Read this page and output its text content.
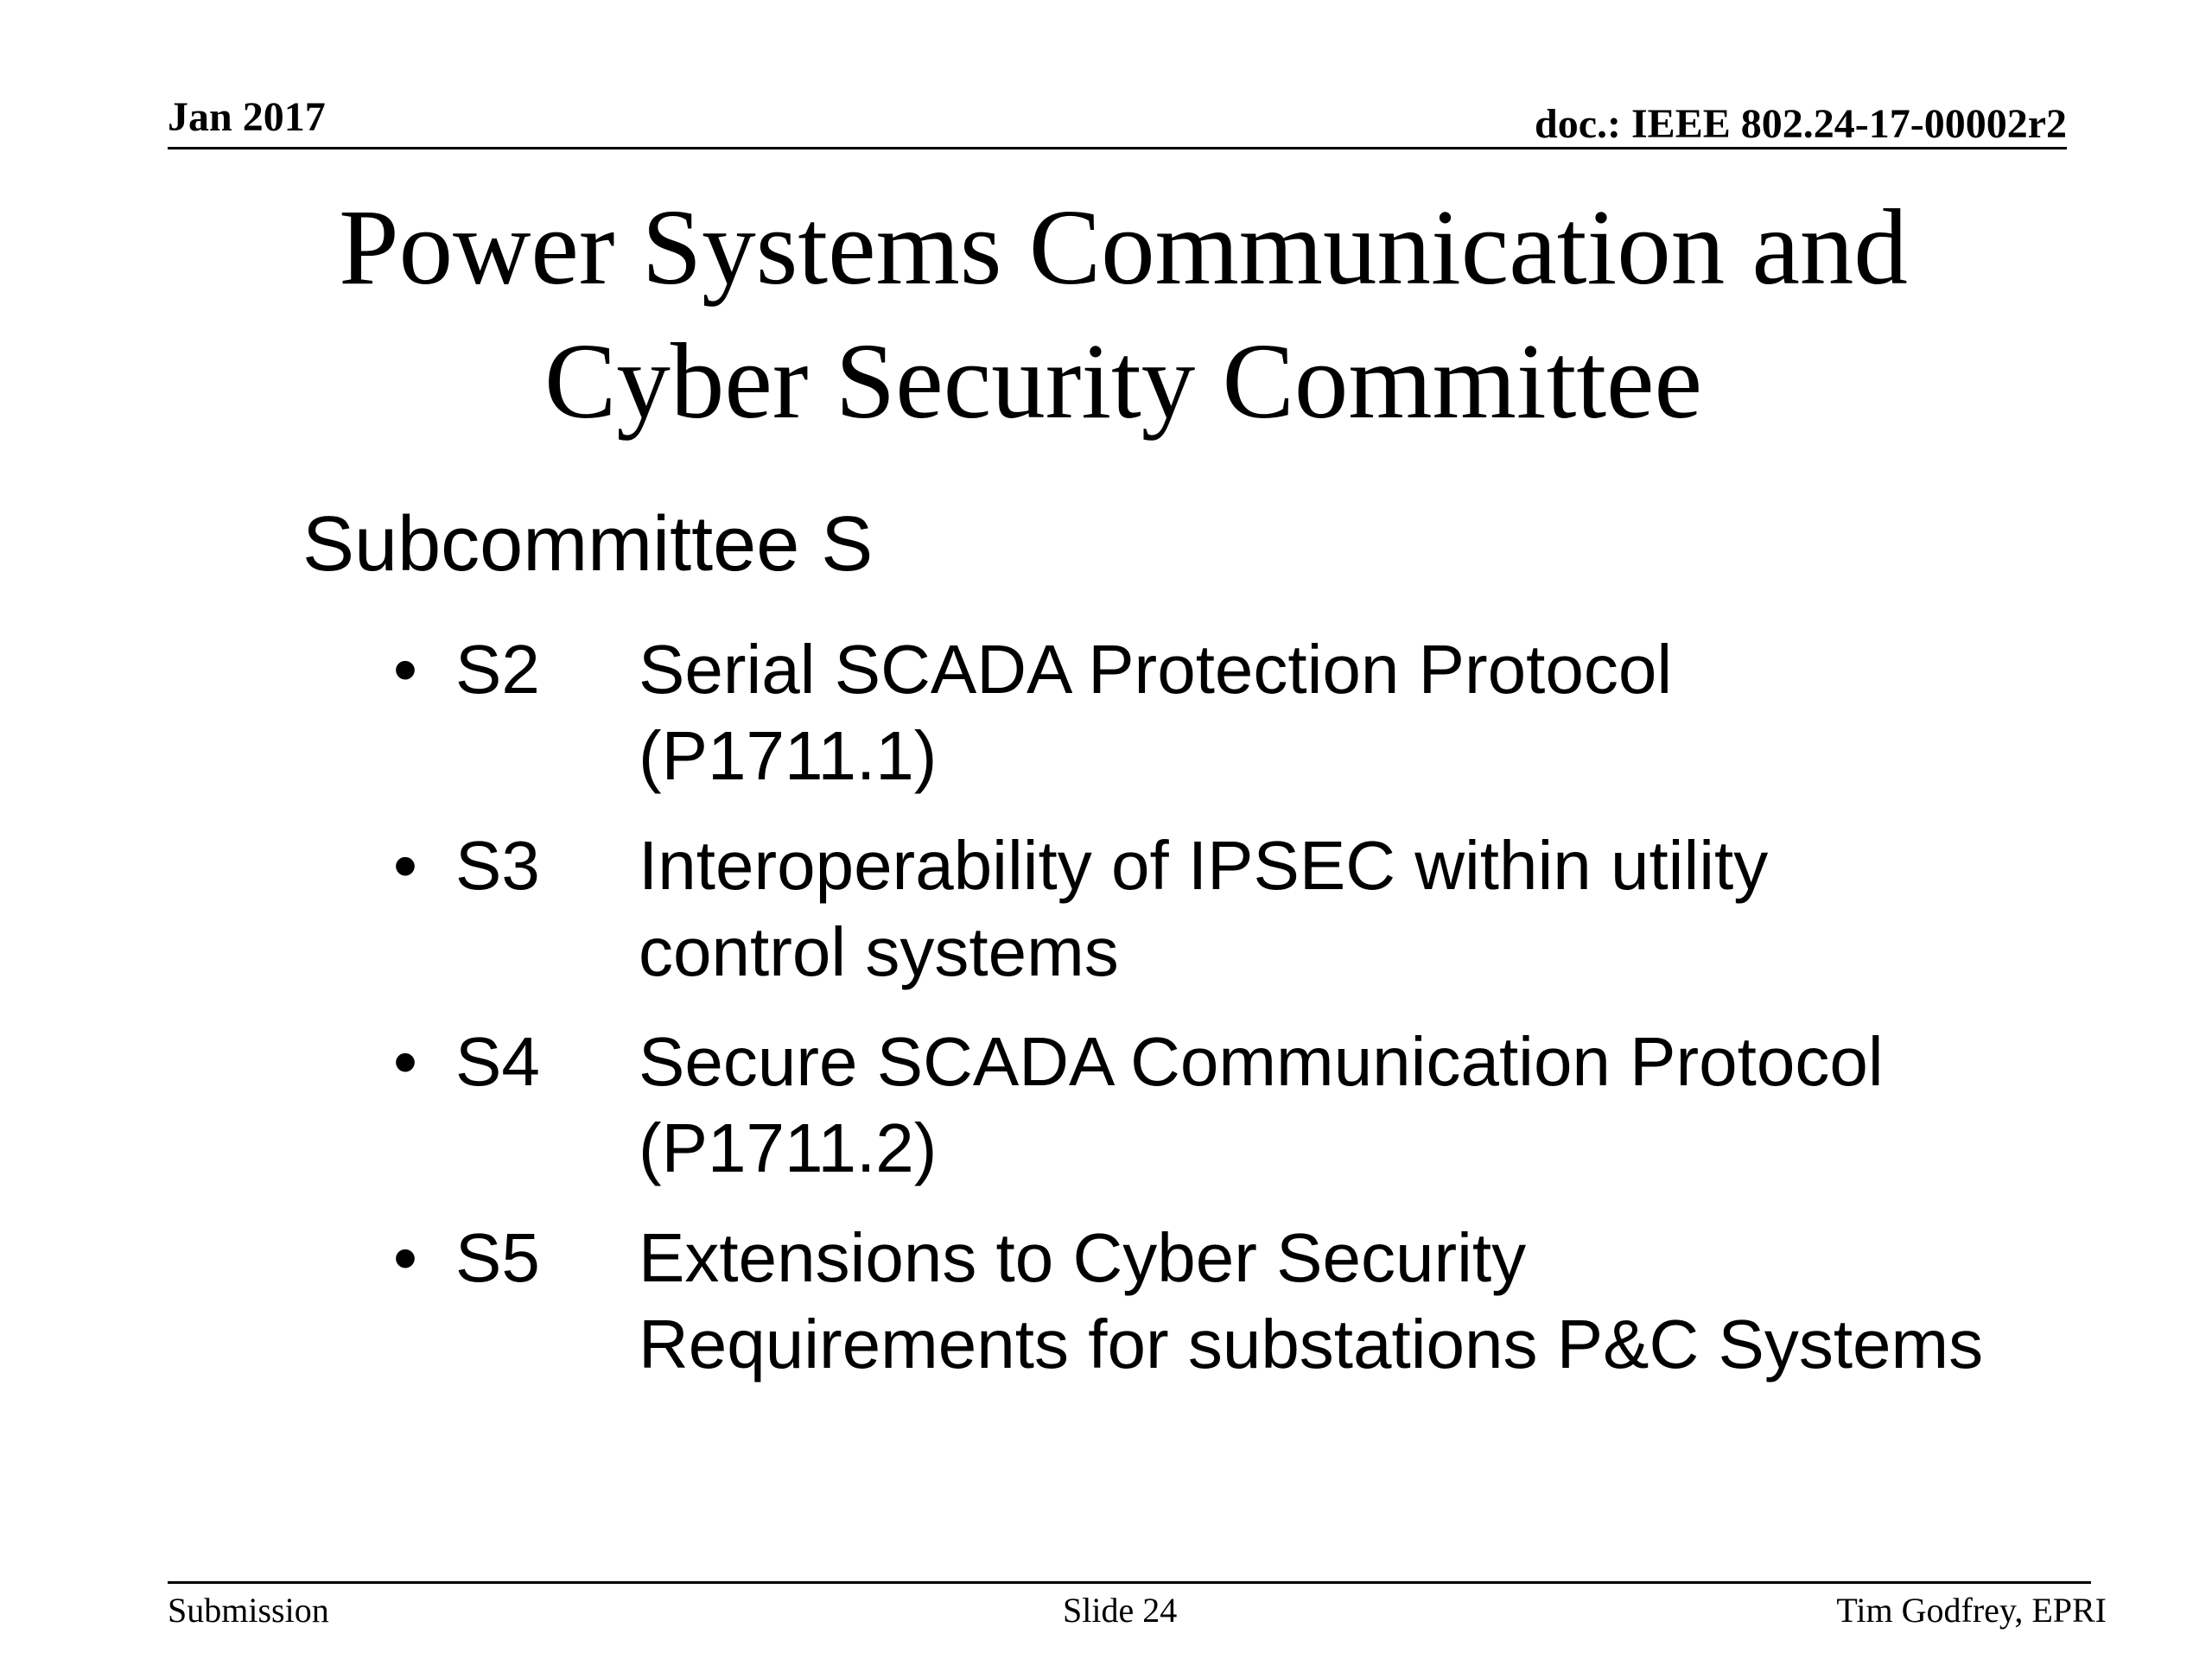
Jan 2017	doc.: IEEE 802.24-17-00002r2
Power Systems Communication and
Cyber Security Committee
Subcommittee S
• S2 Serial SCADA Protection Protocol
(P1711.1)
• S3 Interoperability of IPSEC within utility
control systems
• S4 Secure SCADA Communication Protocol
(P1711.2)
• S5 Extensions to Cyber Security
Requirements for substations P&C Systems
Submission	Slide 24	Tim Godfrey, EPRI
